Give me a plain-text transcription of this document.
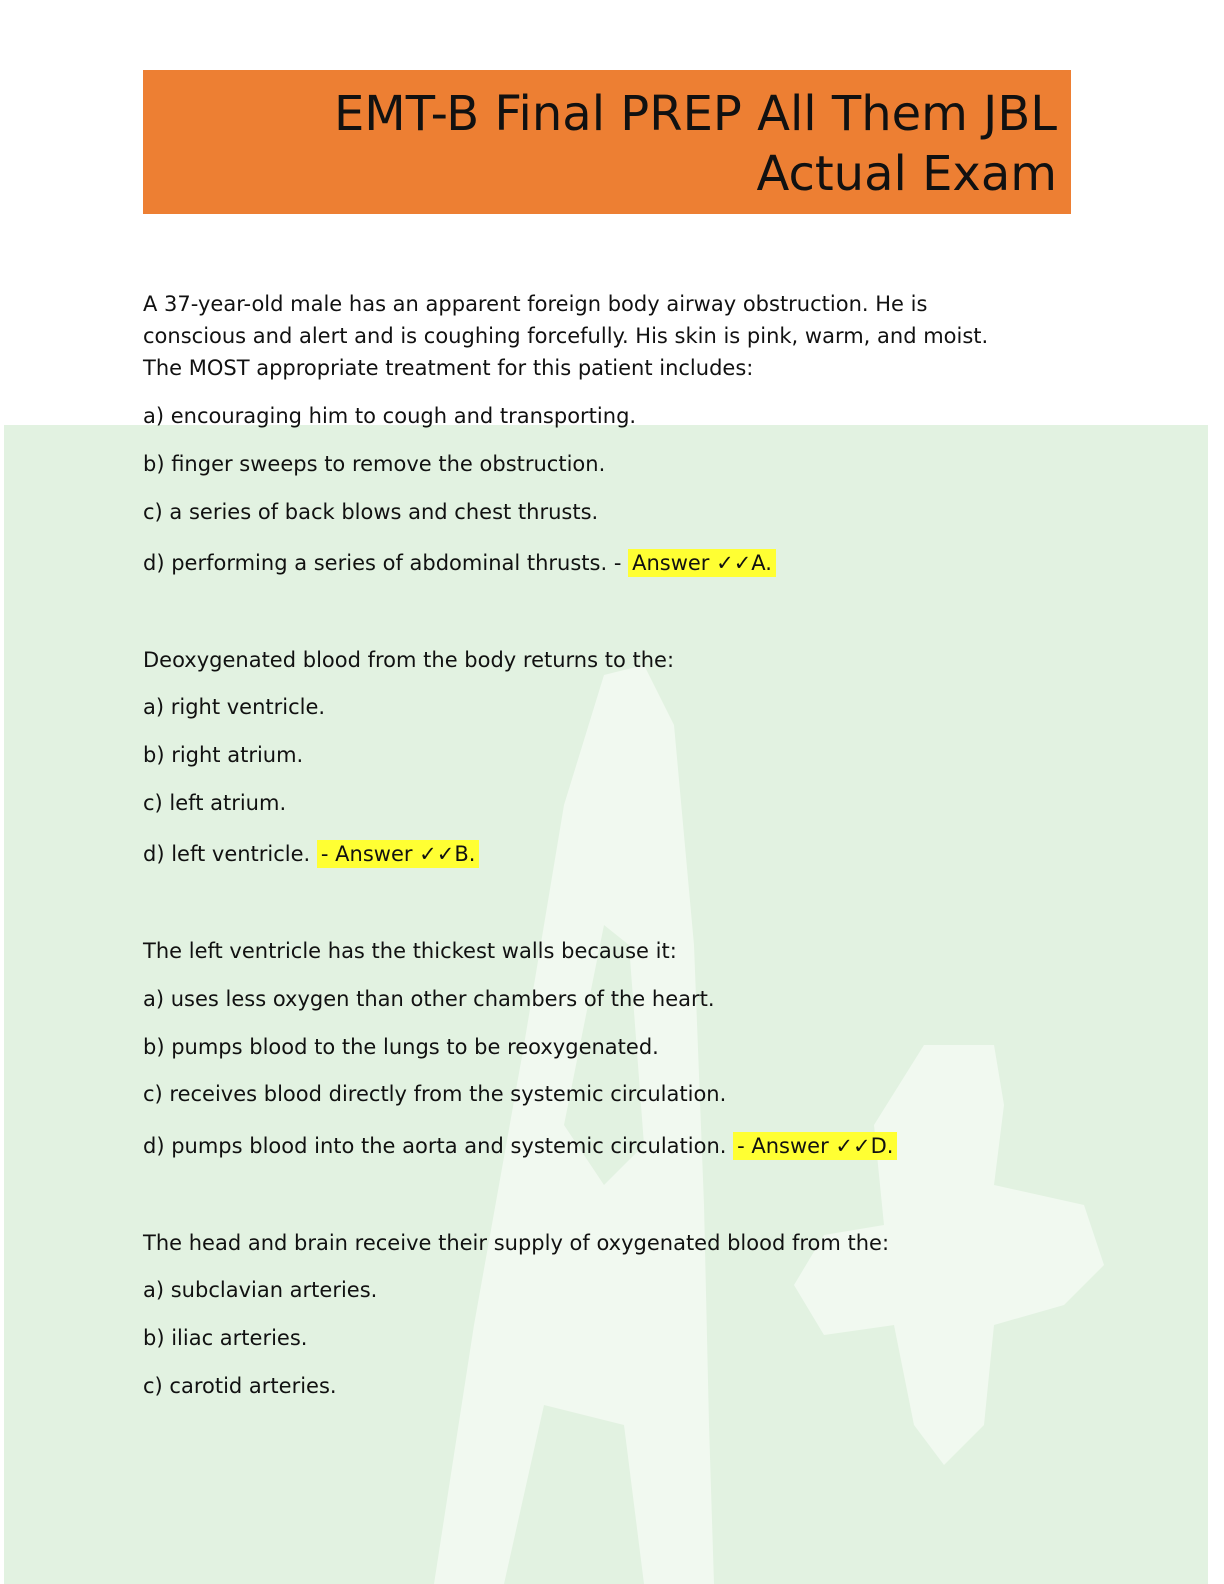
EMT-B Final PREP All Them JBL
Actual Exam
A 37-year-old male has an apparent foreign body airway obstruction. He is
conscious and alert and is coughing forcefully. His skin is pink, warm, and moist.
The MOST appropriate treatment for this patient includes:
a) encouraging him to cough and transporting.
b) finger sweeps to remove the obstruction.
c) a series of back blows and chest thrusts.
d) performing a series of abdominal thrusts. - Answer ✓✓A.
Deoxygenated blood from the body returns to the:
a) right ventricle.
b) right atrium.
c) left atrium.
d) left ventricle. - Answer ✓✓B.
The left ventricle has the thickest walls because it:
a) uses less oxygen than other chambers of the heart.
b) pumps blood to the lungs to be reoxygenated.
c) receives blood directly from the systemic circulation.
d) pumps blood into the aorta and systemic circulation. - Answer ✓✓D.
The head and brain receive their supply of oxygenated blood from the:
a) subclavian arteries.
b) iliac arteries.
c) carotid arteries.
